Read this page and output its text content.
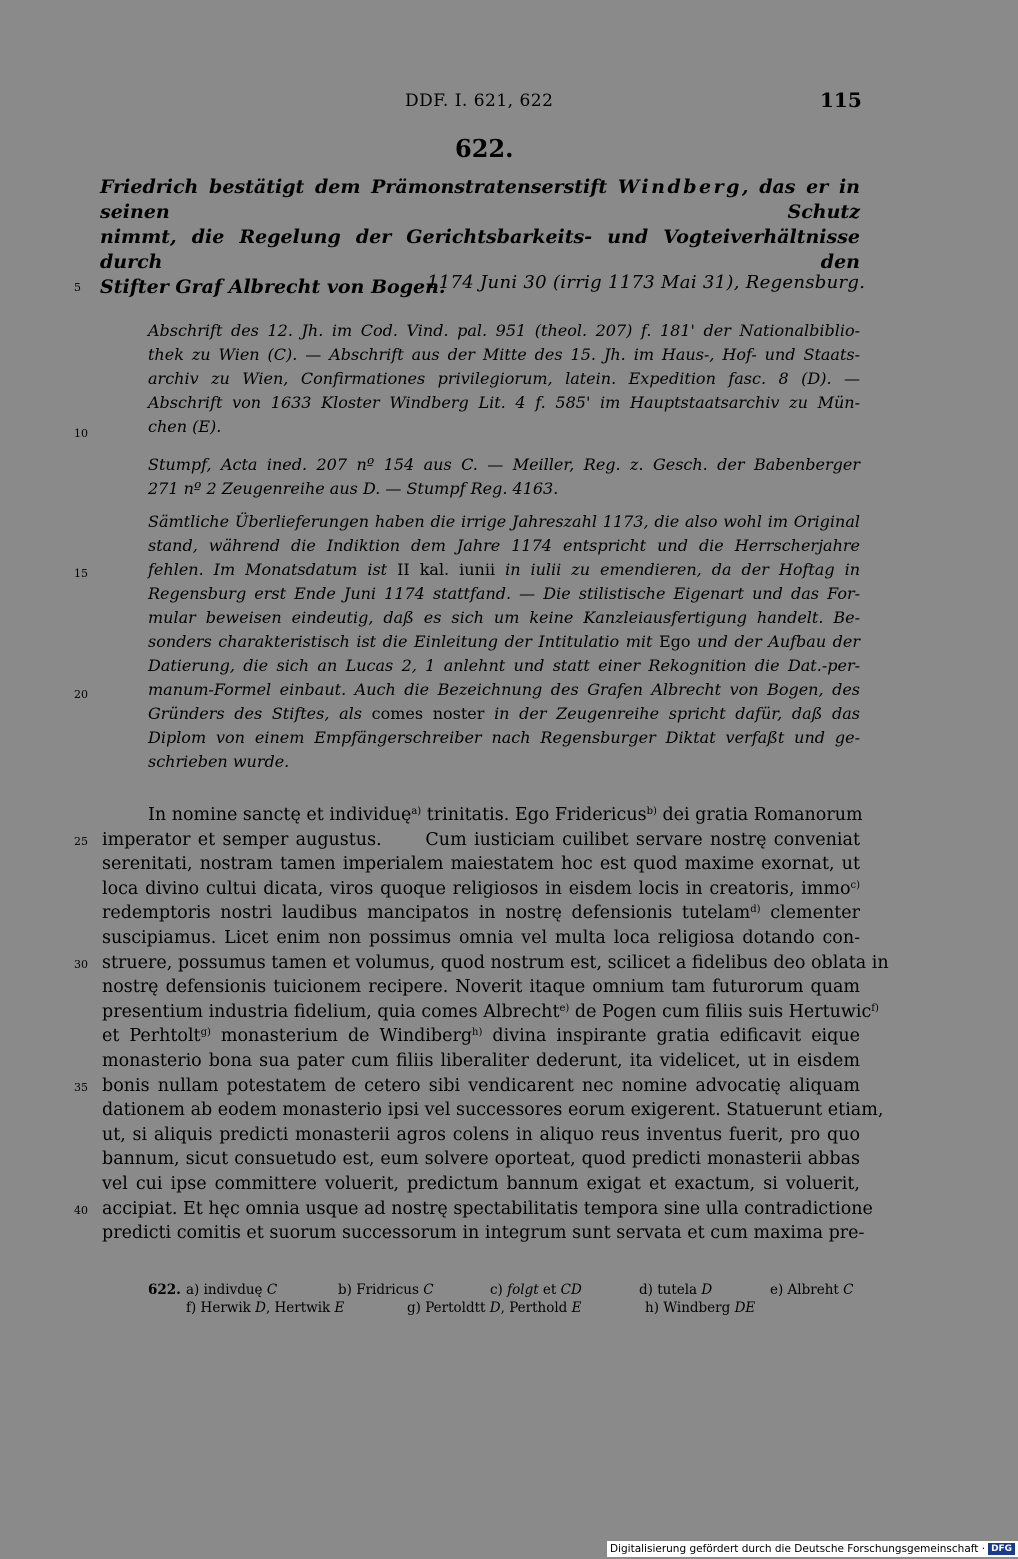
DDF. I. 621, 622	115
622.
Friedrich bestätigt dem Prämonstratenserstift Windberg, das er in seinen Schutz
nimmt, die Regelung der Gerichtsbarkeits- und Vogteiverhältnisse durch den
Stifter Graf Albrecht von Bogen.
5	1174 Juni 30 (irrig 1173 Mai 31), Regensburg.
Abschrift des 12. Jh. im Cod. Vind. pal. 951 (theol. 207) f. 181' der Nationalbiblio-
thek zu Wien (C). — Abschrift aus der Mitte des 15. Jh. im Haus-, Hof- und Staats-
archiv zu Wien, Confirmationes privilegiorum, latein. Expedition fasc. 8 (D). —
Abschrift von 1633 Kloster Windberg Lit. 4 f. 585' im Hauptstaatsarchiv zu Mün-
chen (E).
10
Stumpf, Acta ined. 207 nº 154 aus C. — Meiller, Reg. z. Gesch. der Babenberger
271 nº 2 Zeugenreihe aus D. — Stumpf Reg. 4163.
Sämtliche Überlieferungen haben die irrige Jahreszahl 1173, die also wohl im Original
stand, während die Indiktion dem Jahre 1174 entspricht und die Herrscherjahre
fehlen. Im Monatsdatum ist II kal. iunii in iulii zu emendieren, da der Hoftag in
Regensburg erst Ende Juni 1174 stattfand. — Die stilistische Eigenart und das For-
mular beweisen eindeutig, daß es sich um keine Kanzleiausfertigung handelt. Be-
sonders charakteristisch ist die Einleitung der Intitulatio mit Ego und der Aufbau der
Datierung, die sich an Lucas 2, 1 anlehnt und statt einer Rekognition die Dat.-per-
manum-Formel einbaut. Auch die Bezeichnung des Grafen Albrecht von Bogen, des
Gründers des Stiftes, als comes noster in der Zeugenreihe spricht dafür, daß das
Diplom von einem Empfängerschreiber nach Regensburger Diktat verfaßt und ge-
schrieben wurde.
15
20
In nomine sanctę et individuę$^{a)}$ trinitatis. Ego Fridericus$^{b)}$ dei gratia Romanorum
imperator et semper augustus.      Cum iusticiam cuilibet servare nostrę conveniat
serenitati, nostram tamen imperialem maiestatem hoc est quod maxime exornat, ut
loca divino cultui dicata, viros quoque religiosos in eisdem locis in creatoris, immo$^{c)}$
redemptoris nostri laudibus mancipatos in nostrę defensionis tutelam$^{d)}$ clementer
suscipiamus. Licet enim non possimus omnia vel multa loca religiosa dotando con-
struere, possumus tamen et volumus, quod nostrum est, scilicet a fidelibus deo oblata in
nostrę defensionis tuicionem recipere. Noverit itaque omnium tam futurorum quam
presentium industria fidelium, quia comes Albrecht$^{e)}$ de Pogen cum filiis suis Hertuwic$^{f)}$
et Perhtolt$^{g)}$ monasterium de Windiberg$^{h)}$ divina inspirante gratia edificavit eique
monasterio bona sua pater cum filiis liberaliter dederunt, ita videlicet, ut in eisdem
bonis nullam potestatem de cetero sibi vendicarent nec nomine advocatię aliquam
dationem ab eodem monasterio ipsi vel successores eorum exigerent. Statuerunt etiam,
ut, si aliquis predicti monasterii agros colens in aliquo reus inventus fuerit, pro quo
bannum, sicut consuetudo est, eum solvere oporteat, quod predicti monasterii abbas
vel cui ipse committere voluerit, predictum bannum exigat et exactum, si voluerit,
accipiat. Et hęc omnia usque ad nostrę spectabilitatis tempora sine ulla contradictione
predicti comitis et suorum successorum in integrum sunt servata et cum maxima pre-
25
30
35
40
622. a) indivduę C	b) Fridricus C	c) folgt et CD	d) tutela D	e) Albreht C
f) Herwik D, Hertwik E	g) Pertoldtt D, Perthold E	h) Windberg DE

Digitalisierung gefördert durch die Deutsche Forschungsgemeinschaft · DFG
